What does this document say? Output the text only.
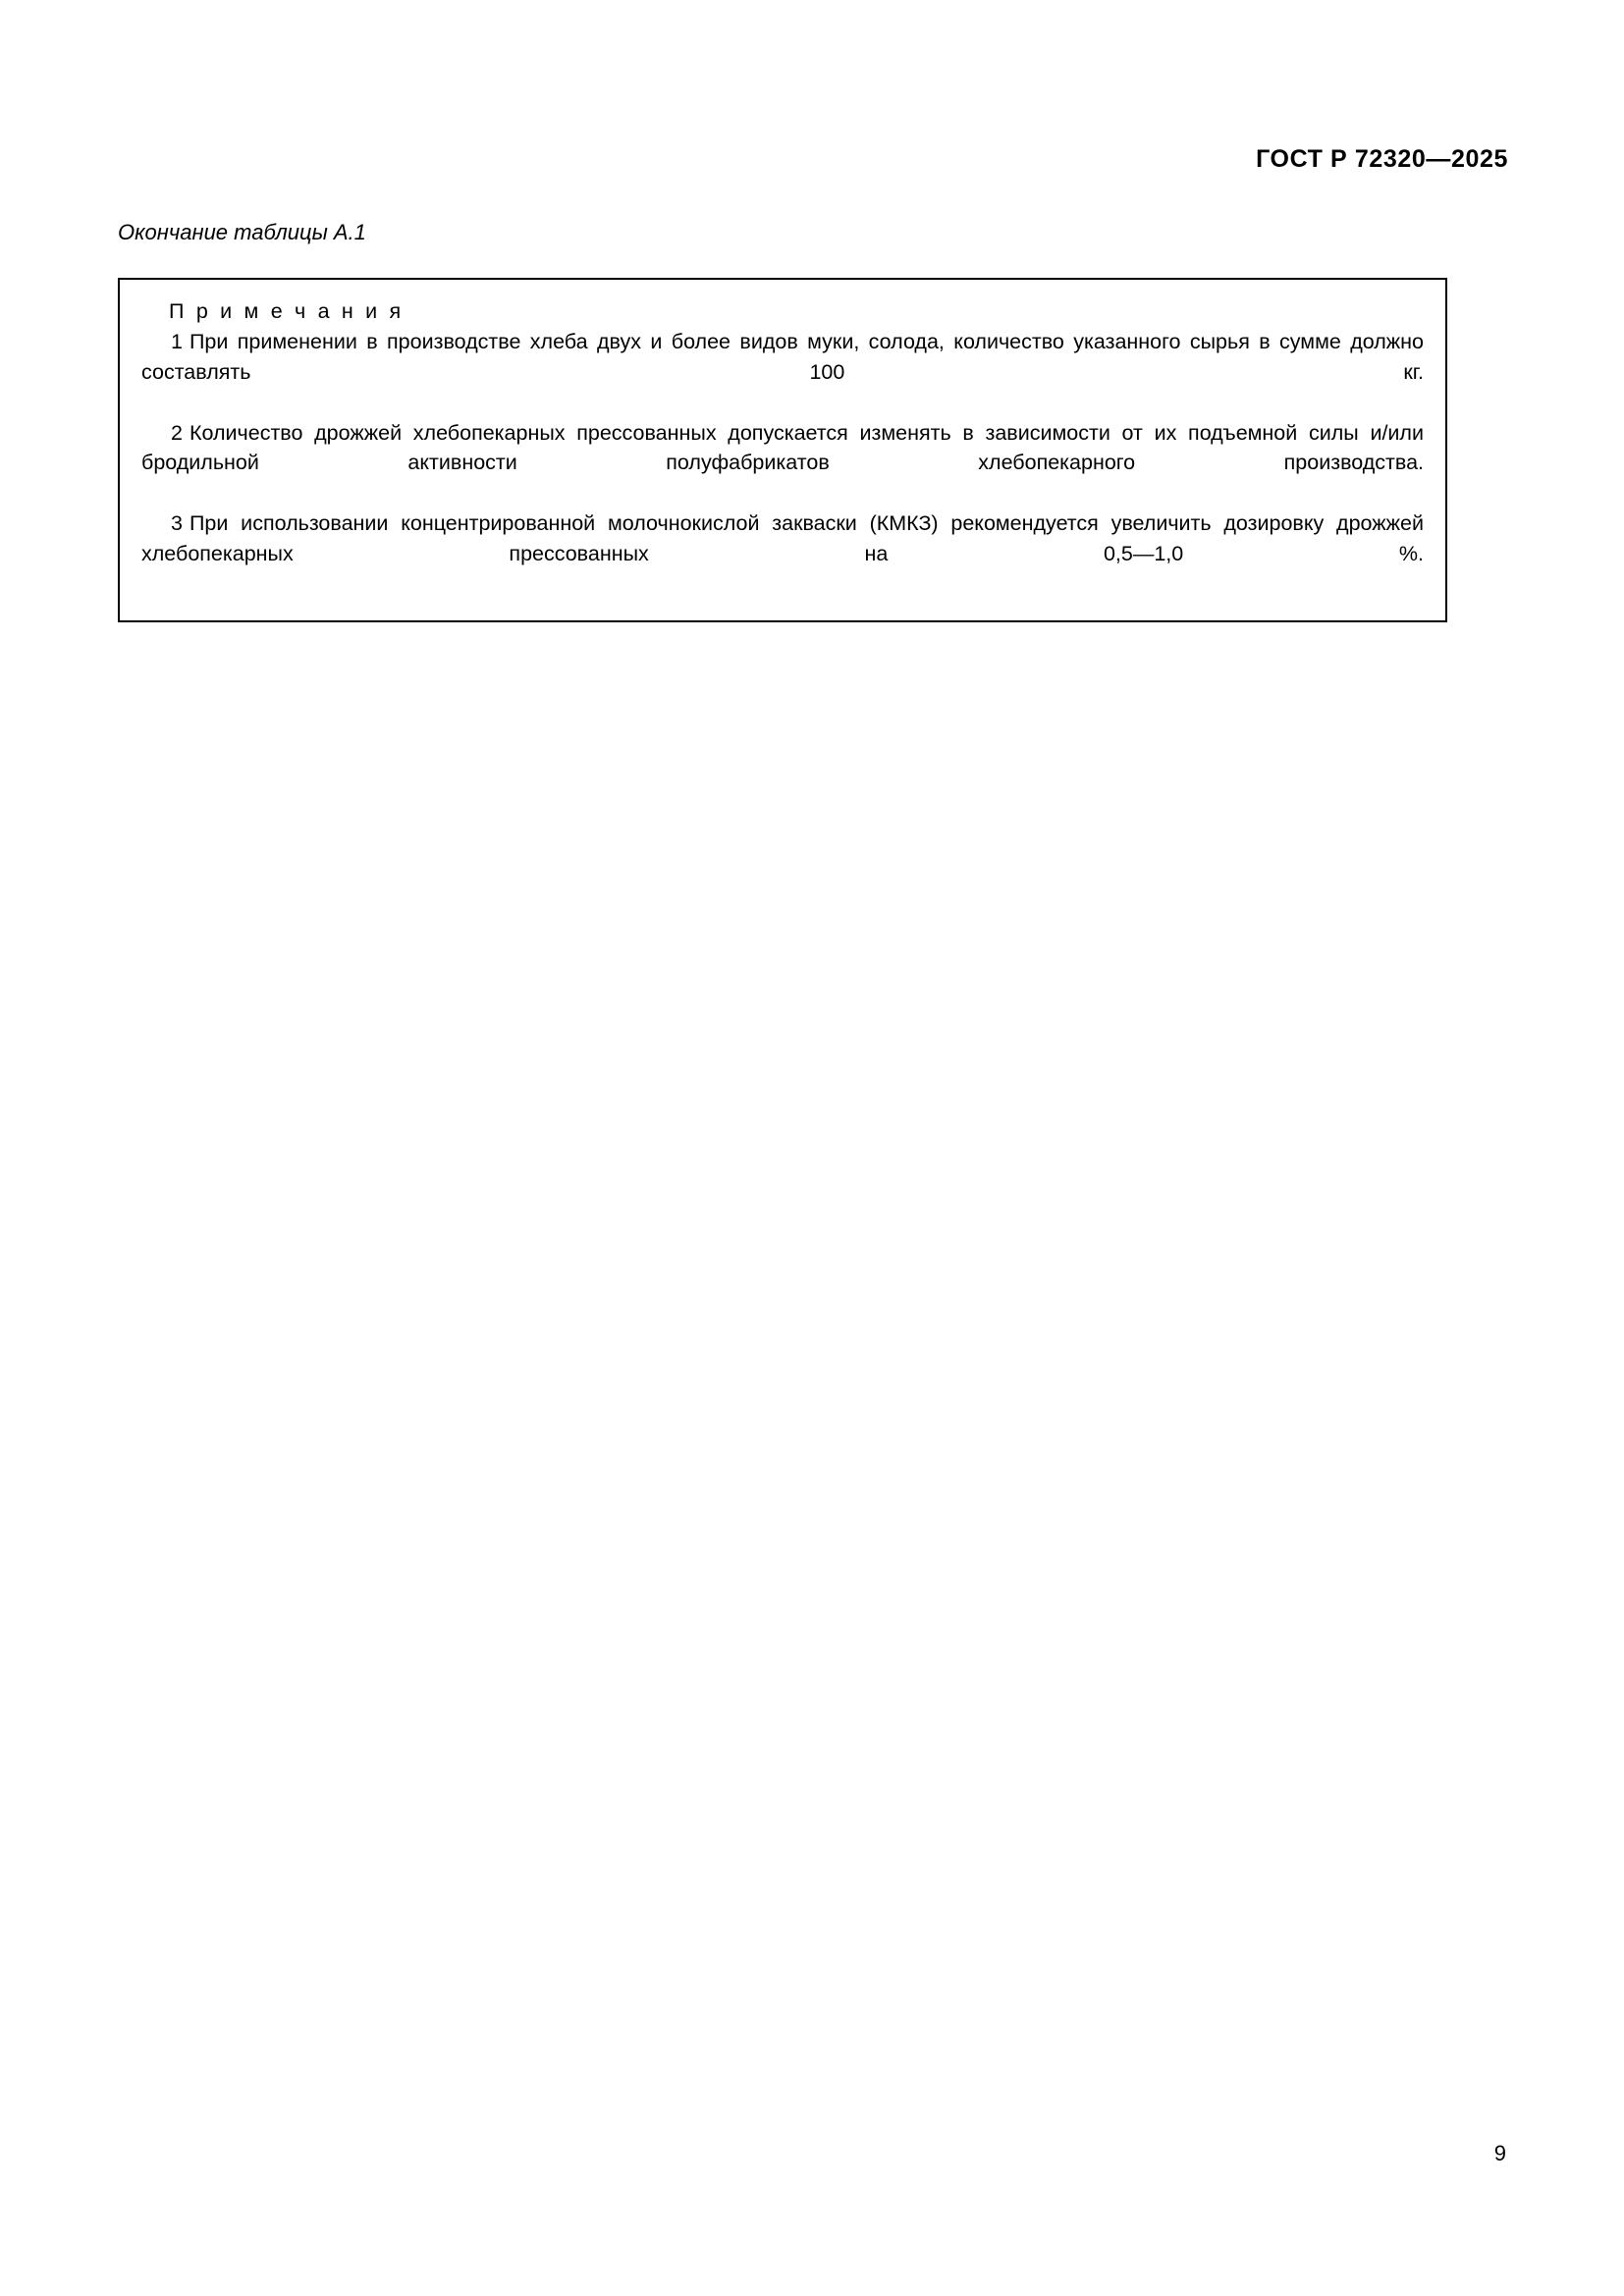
ГОСТ Р 72320—2025
Окончание таблицы А.1
П р и м е ч а н и я

1 При применении в производстве хлеба двух и более видов муки, солода, количество указанного сырья в сумме должно составлять 100 кг.

2 Количество дрожжей хлебопекарных прессованных допускается изменять в зависимости от их подъемной силы и/или бродильной активности полуфабрикатов хлебопекарного производства.

3 При использовании концентрированной молочнокислой закваски (КМКЗ) рекомендуется увеличить дозировку дрожжей хлебопекарных прессованных на 0,5—1,0 %.

9
